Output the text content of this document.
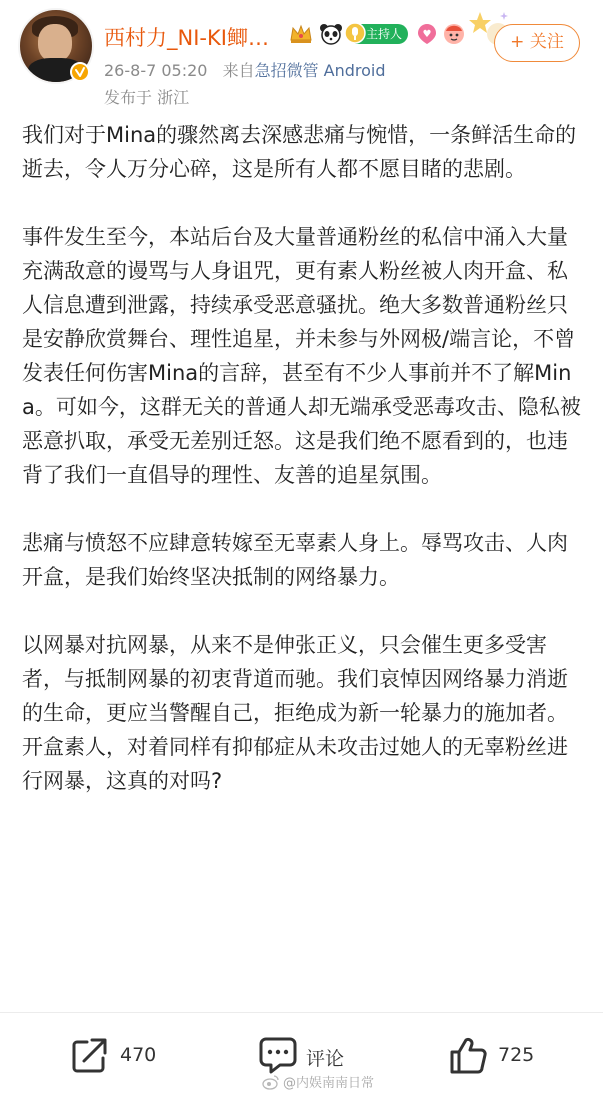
西村力_NI-KI鲫…	主持人	♥	+ 关注
26-8-7 05:20 来自急招微管 Android
发布于 浙江

我们对于Mina的骤然离去深感悲痛与惋惜，一条鲜活生命的逝去，令人万分心碎，这是所有人都不愿目睹的悲剧。

事件发生至今，本站后台及大量普通粉丝的私信中涌入大量充满敌意的谩骂与人身诅咒，更有素人粉丝被人肉开盒、私人信息遭到泄露，持续承受恶意骚扰。绝大多数普通粉丝只是安静欣赏舞台、理性追星，并未参与外网极/端言论，不曾发表任何伤害Mina的言辞，甚至有不少人事前并不了解Mina。可如今，这群无关的普通人却无端承受恶毒攻击、隐私被恶意扒取，承受无差别迁怒。这是我们绝不愿看到的，也违背了我们一直倡导的理性、友善的追星氛围。

悲痛与愤怒不应肆意转嫁至无辜素人身上。辱骂攻击、人肉开盒，是我们始终坚决抵制的网络暴力。

以网暴对抗网暴，从来不是伸张正义，只会催生更多受害者，与抵制网暴的初衷背道而驰。我们哀悼因网络暴力消逝的生命，更应当警醒自己，拒绝成为新一轮暴力的施加者。开盒素人，对着同样有抑郁症从未攻击过她人的无辜粉丝进行网暴，这真的对吗?

470	评论	725
@内娱南南日常
